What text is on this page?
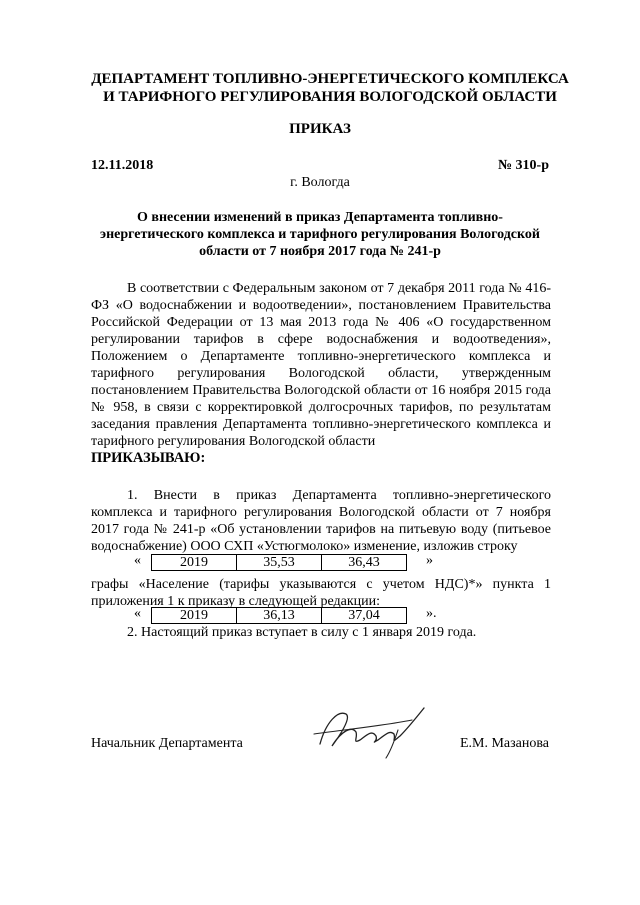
ДЕПАРТАМЕНТ ТОПЛИВНО-ЭНЕРГЕТИЧЕСКОГО КОМПЛЕКСА
И ТАРИФНОГО РЕГУЛИРОВАНИЯ ВОЛОГОДСКОЙ ОБЛАСТИ
ПРИКАЗ
12.11.2018	№ 310-р
г. Вологда
О внесении изменений в приказ Департамента топливно-энергетического комплекса и тарифного регулирования Вологодской области от 7 ноября 2017 года № 241-р
В соответствии с Федеральным законом от 7 декабря 2011 года № 416-ФЗ «О водоснабжении и водоотведении», постановлением Правительства Российской Федерации от 13 мая 2013 года № 406 «О государственном регулировании тарифов в сфере водоснабжения и водоотведения», Положением о Департаменте топливно-энергетического комплекса и тарифного регулирования Вологодской области, утвержденным постановлением Правительства Вологодской области от 16 ноября 2015 года № 958, в связи с корректировкой долгосрочных тарифов, по результатам заседания правления Департамента топливно-энергетического комплекса и тарифного регулирования Вологодской области
ПРИКАЗЫВАЮ:
1. Внести в приказ Департамента топливно-энергетического комплекса и тарифного регулирования Вологодской области от 7 ноября 2017 года № 241-р «Об установлении тарифов на питьевую воду (питьевое водоснабжение) ООО СХП «Устюгмолоко» изменение, изложив строку
«	2019	35,53	36,43	»
графы «Население (тарифы указываются с учетом НДС)*» пункта 1 приложения 1 к приказу в следующей редакции:
«	2019	36,13	37,04	».
2. Настоящий приказ вступает в силу с 1 января 2019 года.
Начальник Департамента	Е.М. Мазанова
